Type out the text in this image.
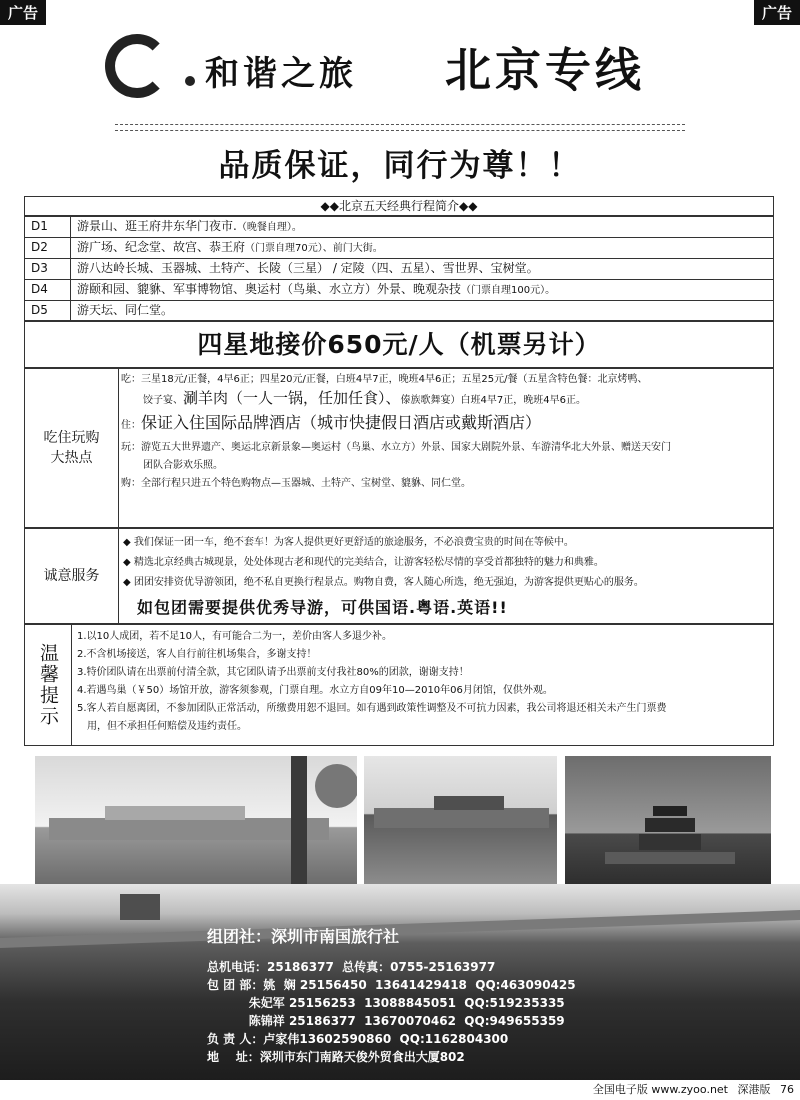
广告	广告
和谐之旅 北京专线
品质保证，同行为尊！！
◆◆北京五天经典行程简介◆◆
D1	游景山、逛王府井东华门夜市.（晚餐自理）。
D2	游广场、纪念堂、故宫、恭王府（门票自理70元）、前门大街。
D3	游八达岭长城、玉器城、土特产、长陵（三星） / 定陵（四、五星）、雪世界、宝树堂。
D4	游颐和园、貔貅、军事博物馆、奥运村（鸟巢、水立方）外景、晚观杂技（门票自理100元）。
D5	游天坛、同仁堂。
四星地接价650元/人（机票另计）
吃住玩购
大热点

吃：三星18元/正餐，4早6正；四星20元/正餐，白班4早7正，晚班4早6正；五星25元/餐（五星含特色餐：北京烤鸭、

饺子宴、涮羊肉（一人一锅，任加任食）、傣族歌舞宴）白班4早7正，晚班4早6正。

住：保证入住国际品牌酒店（城市快捷假日酒店或戴斯酒店）

玩：游览五大世界遗产、奥运北京新景象—奥运村（鸟巢、水立方）外景、国家大剧院外景、车游清华北大外景、赠送天安门

团队合影欢乐照。

购：全部行程只进五个特色购物点—玉器城、土特产、宝树堂、貔貅、同仁堂。

诚意服务

◆ 我们保证一团一车，绝不套车！为客人提供更好更舒适的旅途服务，不必浪费宝贵的时间在等候中。

◆ 精选北京经典古城现景，处处体现古老和现代的完美结合，让游客轻松尽情的享受首都独特的魅力和典雅。

◆ 团团安排资优导游领团，绝不私自更换行程景点。购物自费，客人随心所选，绝无强迫，为游客提供更贴心的服务。

如包团需要提供优秀导游，可供国语.粤语.英语!!

温馨提示

1.以10人成团，若不足10人，有可能合二为一，差价由客人多退少补。

2.不含机场接送，客人自行前往机场集合，多谢支持！

3.特价团队请在出票前付清全款，其它团队请予出票前支付我社80%的团款，谢谢支持！

4.若遇鸟巢（￥50）场馆开放，游客须参观，门票自理。水立方自09年10—2010年06月闭馆，仅供外观。

5.客人若自愿离团，不参加团队正常活动，所缴费用恕不退回。如有遇到政策性调整及不可抗力因素，我公司将退还相关未产生门票费

用，但不承担任何赔偿及违约责任。

组团社：深圳市南国旅行社
总机电话：25186377  总传真：0755-25163977
包 团 部：姚  娴 25156450  13641429418  QQ:463090425
朱妃军 25156253  13088845051  QQ:519235335
陈锦祥 25186377  13670070462  QQ:949655359
负 责 人：卢家伟13602590860  QQ:1162804300
地    址：深圳市东门南路天俊外贸食出大厦802
全国电子版 www.zyoo.net 深港版 76
